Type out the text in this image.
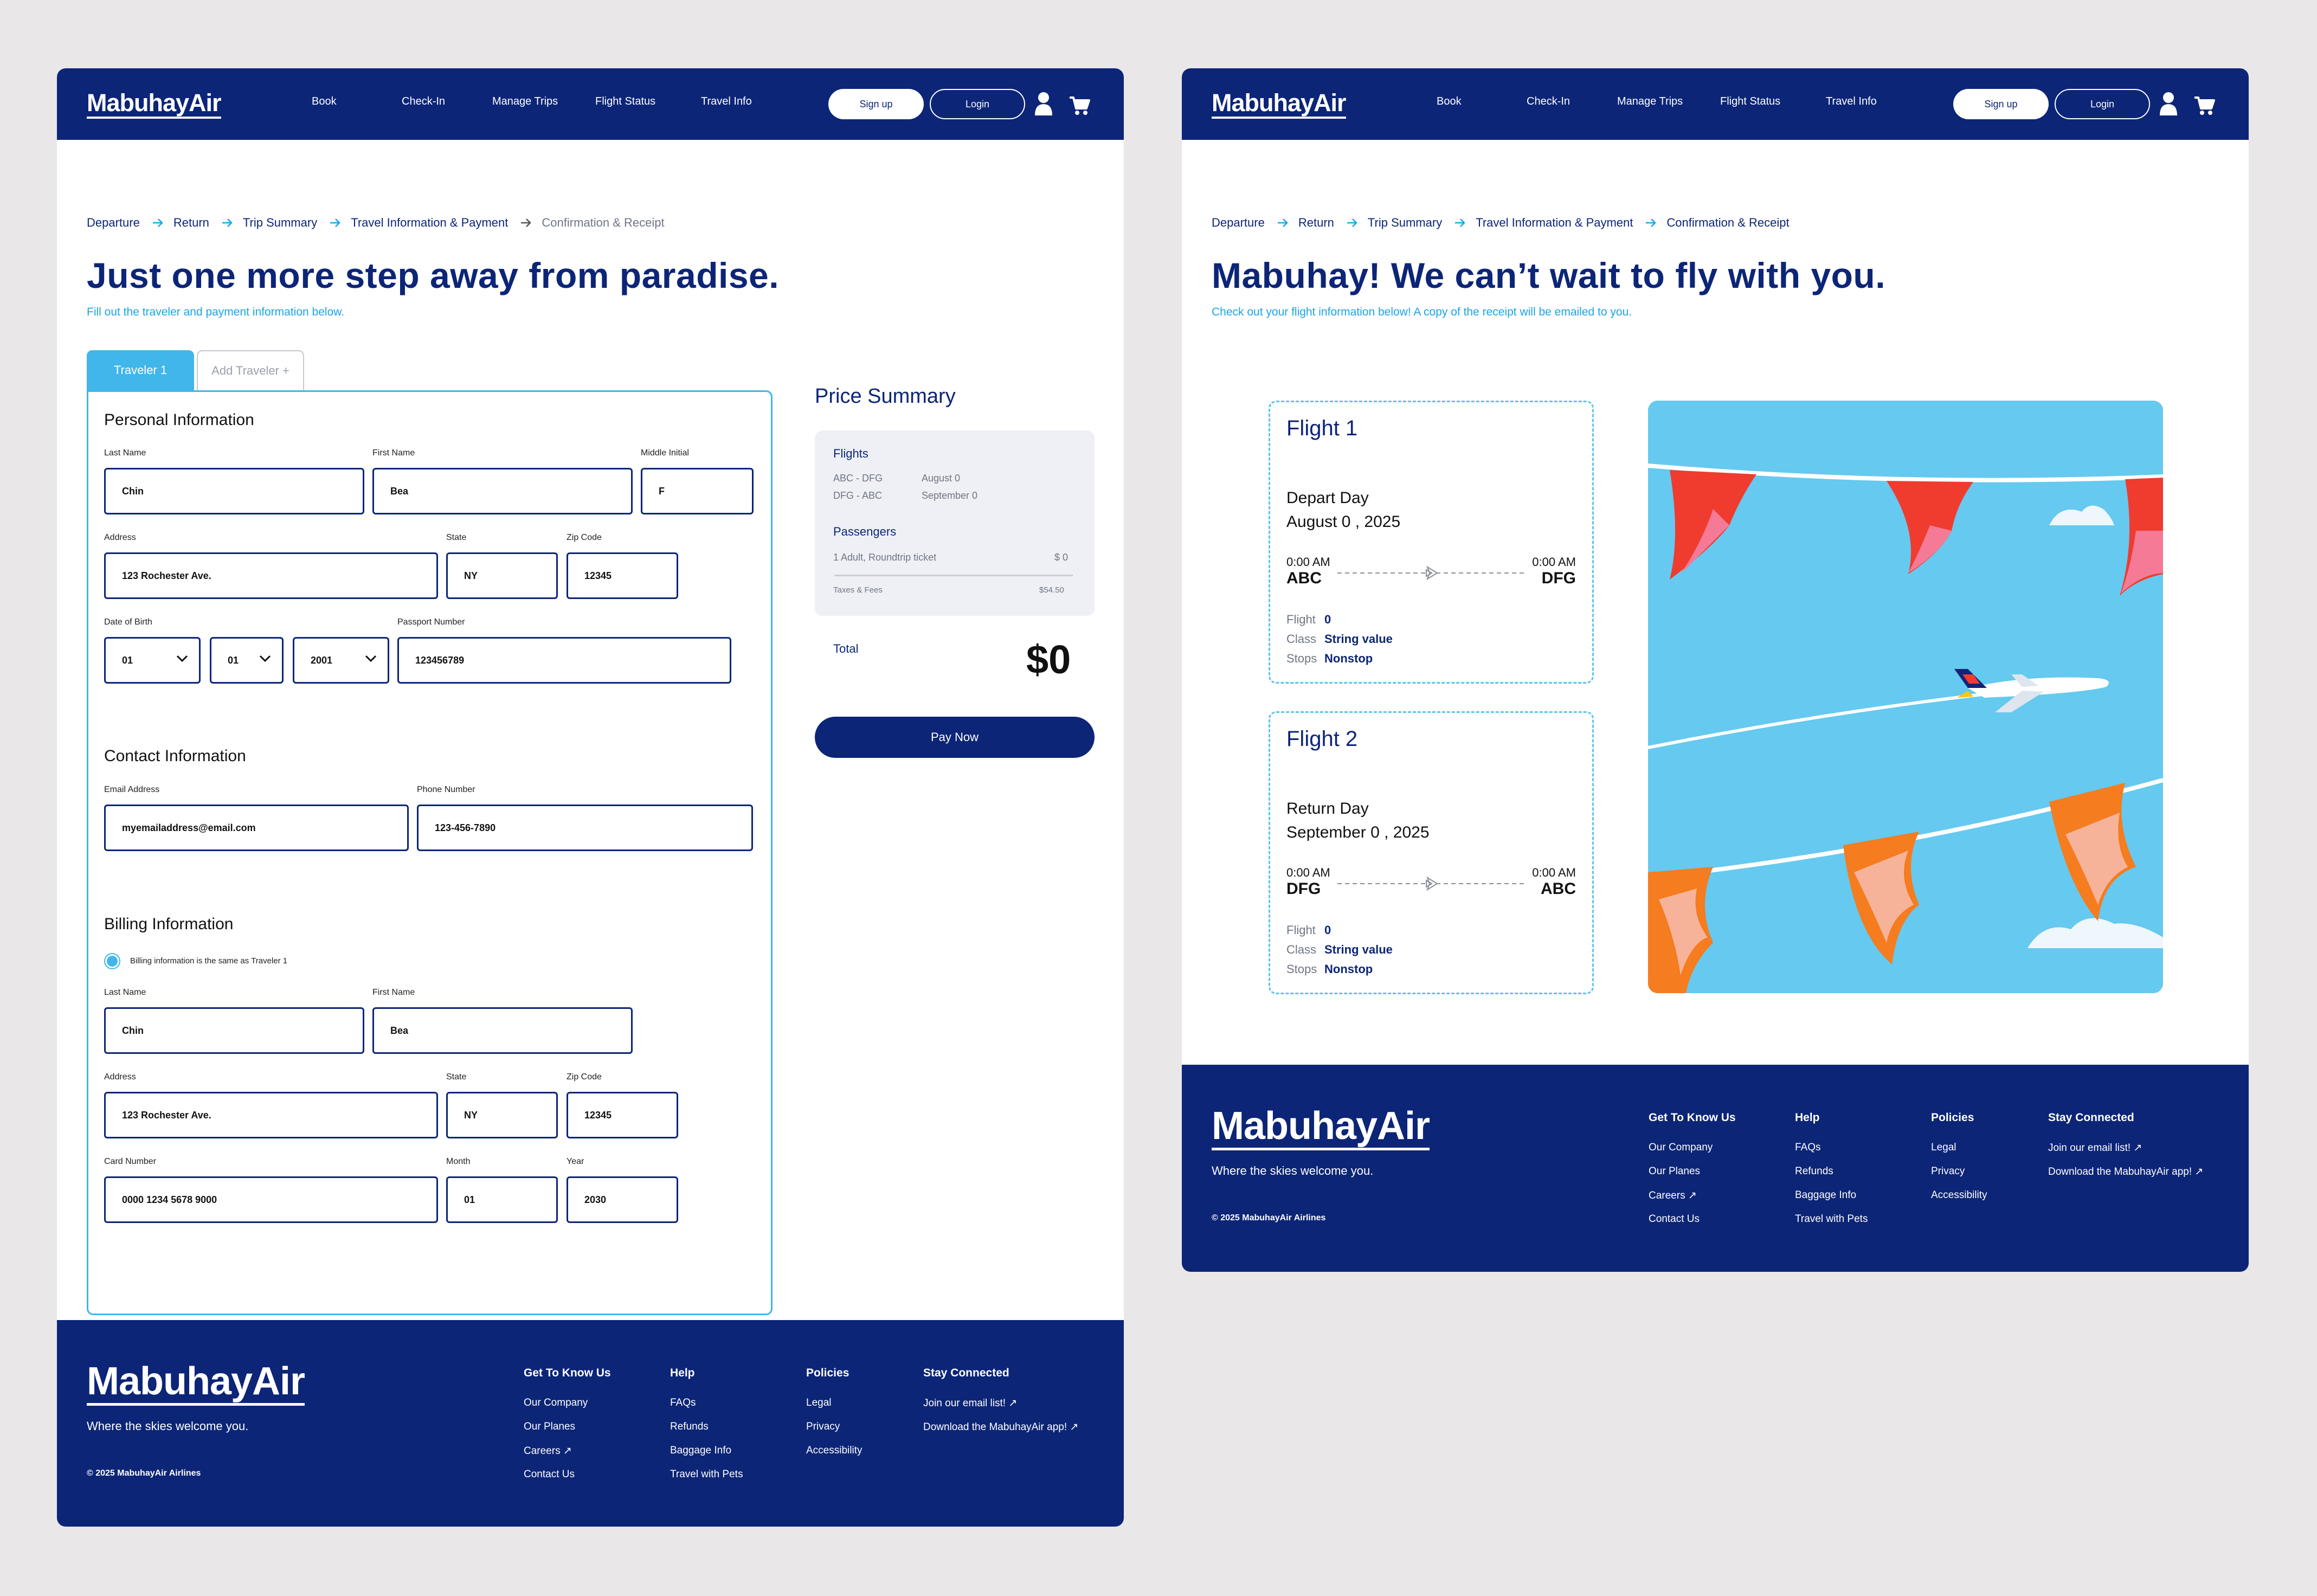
MabuhayAir	Book	Check-In	Manage Trips	Flight Status	Travel Info	Sign up	Login
Departure	Return	Trip Summary	Travel Information & Payment	Confirmation & Receipt
Just one more step away from paradise.
Fill out the traveler and payment information below.
Traveler 1	Add Traveler +
Personal Information
Last Name	First Name	Middle Initial
Chin	Bea	F
Address	State	Zip Code
123 Rochester Ave.	NY	12345
Date of Birth	Passport Number
01	01	2001	123456789
Contact Information
Email Address	Phone Number
myemailaddress@email.com	123-456-7890
Billing Information
Billing information is the same as Traveler 1
Last Name	First Name
Chin	Bea
Address	State	Zip Code
123 Rochester Ave.	NY	12345
Card Number	Month	Year
0000 1234 5678 9000	01	2030
Price Summary
Flights
ABC - DFG	August 0
DFG - ABC	September 0
Passengers
1 Adult, Roundtrip ticket	$ 0
Taxes & Fees	$54.50
Total	$0
Pay Now
MabuhayAir
Where the skies welcome you.
© 2025 MabuhayAir Airlines
Get To Know Us
Our Company
Our Planes
Careers ↗
Contact Us
Help
FAQs
Refunds
Baggage Info
Travel with Pets
Policies
Legal
Privacy
Accessibility
Stay Connected
Join our email list! ↗
Download the MabuhayAir app! ↗
MabuhayAir	Book	Check-In	Manage Trips	Flight Status	Travel Info	Sign up	Login
Departure	Return	Trip Summary	Travel Information & Payment	Confirmation & Receipt
Mabuhay! We can’t wait to fly with you.
Check out your flight information below! A copy of the receipt will be emailed to you.
Flight 1
Depart Day
August 0 , 2025
0:00 AM
ABC
0:00 AM
DFG
Flight 0
Class String value
Stops Nonstop
Flight 2
Return Day
September 0 , 2025
0:00 AM
DFG
0:00 AM
ABC
Flight 0
Class String value
Stops Nonstop
MabuhayAir
Where the skies welcome you.
© 2025 MabuhayAir Airlines
Get To Know Us
Our Company
Our Planes
Careers ↗
Contact Us
Help
FAQs
Refunds
Baggage Info
Travel with Pets
Policies
Legal
Privacy
Accessibility
Stay Connected
Join our email list! ↗
Download the MabuhayAir app! ↗
